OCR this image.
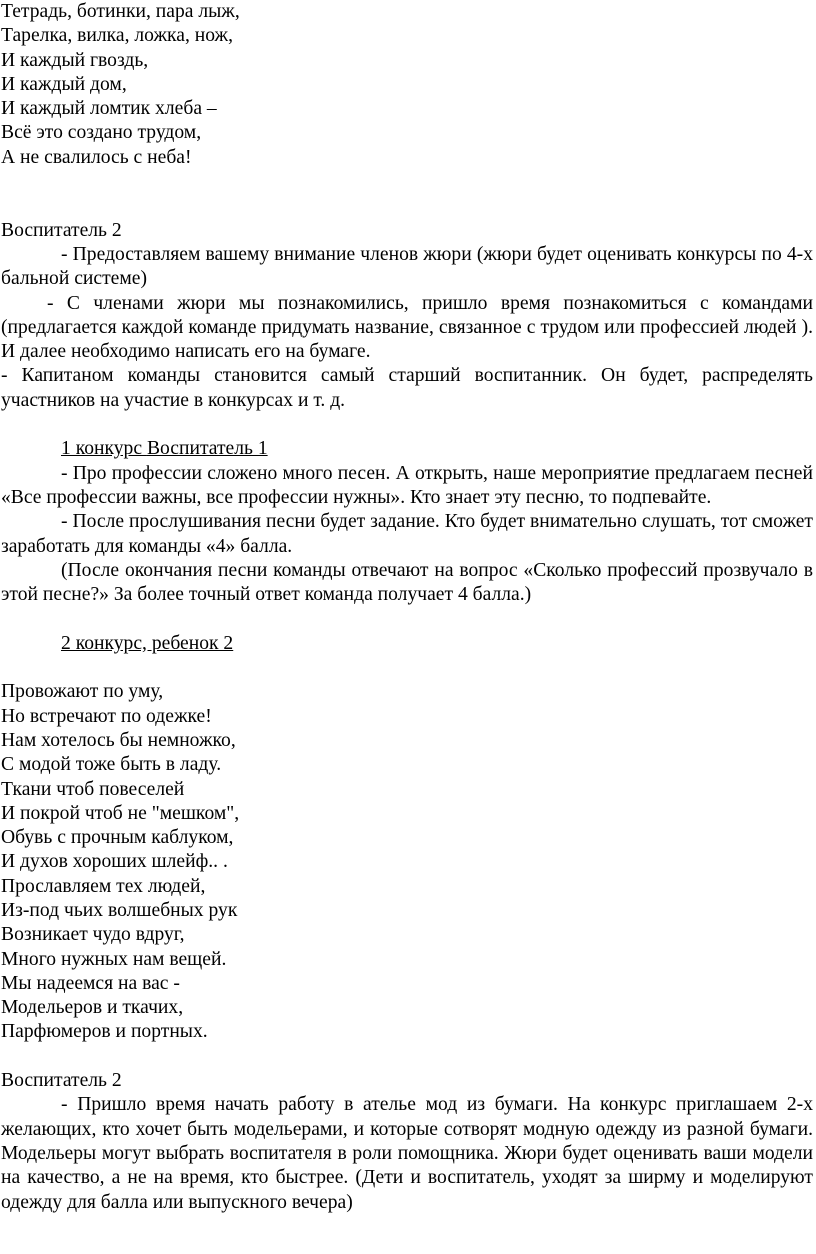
Тетрадь, ботинки, пара лыж,
Тарелка, вилка, ложка, нож,
И каждый гвоздь,
И каждый дом,
И каждый ломтик хлеба –
Всё это создано трудом,
А не свалилось с неба!
Воспитатель 2
- Предоставляем вашему внимание членов жюри (жюри будет оценивать конкурсы по 4-х бальной системе)
- С членами жюри мы познакомились, пришло время познакомиться с командами (предлагается каждой команде придумать название, связанное с трудом или профессией людей ). И далее необходимо написать его на бумаге.
- Капитаном команды становится самый старший воспитанник. Он будет, распределять участников на участие в конкурсах и т. д.
1 конкурс Воспитатель 1
- Про профессии сложено много песен. А открыть, наше мероприятие предлагаем песней «Все профессии важны, все профессии нужны». Кто знает эту песню, то подпевайте.
- После прослушивания песни будет задание. Кто будет внимательно слушать, тот сможет заработать для команды «4» балла.
(После окончания песни команды отвечают на вопрос «Сколько профессий прозвучало в этой песне?» За более точный ответ команда получает 4 балла.)
2 конкурс, ребенок 2
Провожают по уму,
Но встречают по одежке!
Нам хотелось бы немножко,
С модой тоже быть в ладу.
Ткани чтоб повеселей
И покрой чтоб не "мешком",
Обувь с прочным каблуком,
И духов хороших шлейф.. .
Прославляем тех людей,
Из-под чьих волшебных рук
Возникает чудо вдруг,
Много нужных нам вещей.
Мы надеемся на вас -
Модельеров и ткачих,
Парфюмеров и портных.
Воспитатель 2
- Пришло время начать работу в ателье мод из бумаги. На конкурс приглашаем 2-х желающих, кто хочет быть модельерами, и которые сотворят модную одежду из разной бумаги. Модельеры могут выбрать воспитателя в роли помощника. Жюри будет оценивать ваши модели на качество, а не на время, кто быстрее. (Дети и воспитатель, уходят за ширму и моделируют одежду для балла или выпускного вечера)
